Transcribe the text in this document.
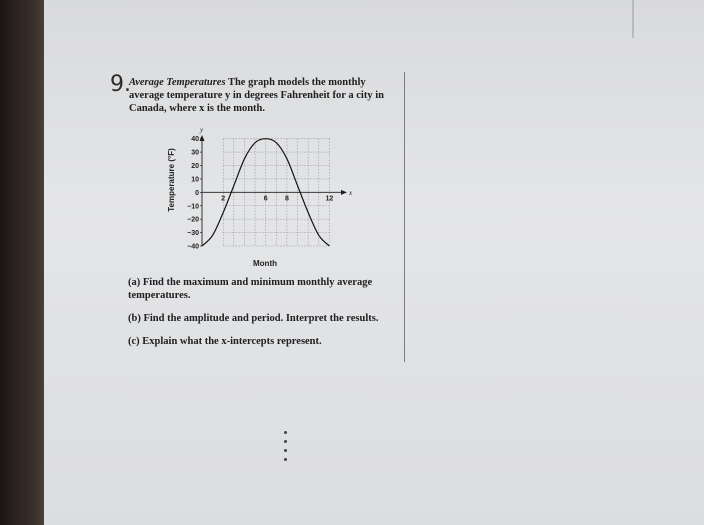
9.
Average Temperatures The graph models the monthly average temperature y in degrees Fahrenheit for a city in Canada, where x is the month.
y
x
40
30
20
10
0
−10
−20
−30
−40
2	6 8	12
Temperature (°F)
Month
(a) Find the maximum and minimum monthly average temperatures.
(b) Find the amplitude and period. Interpret the results.
(c) Explain what the x-intercepts represent.
